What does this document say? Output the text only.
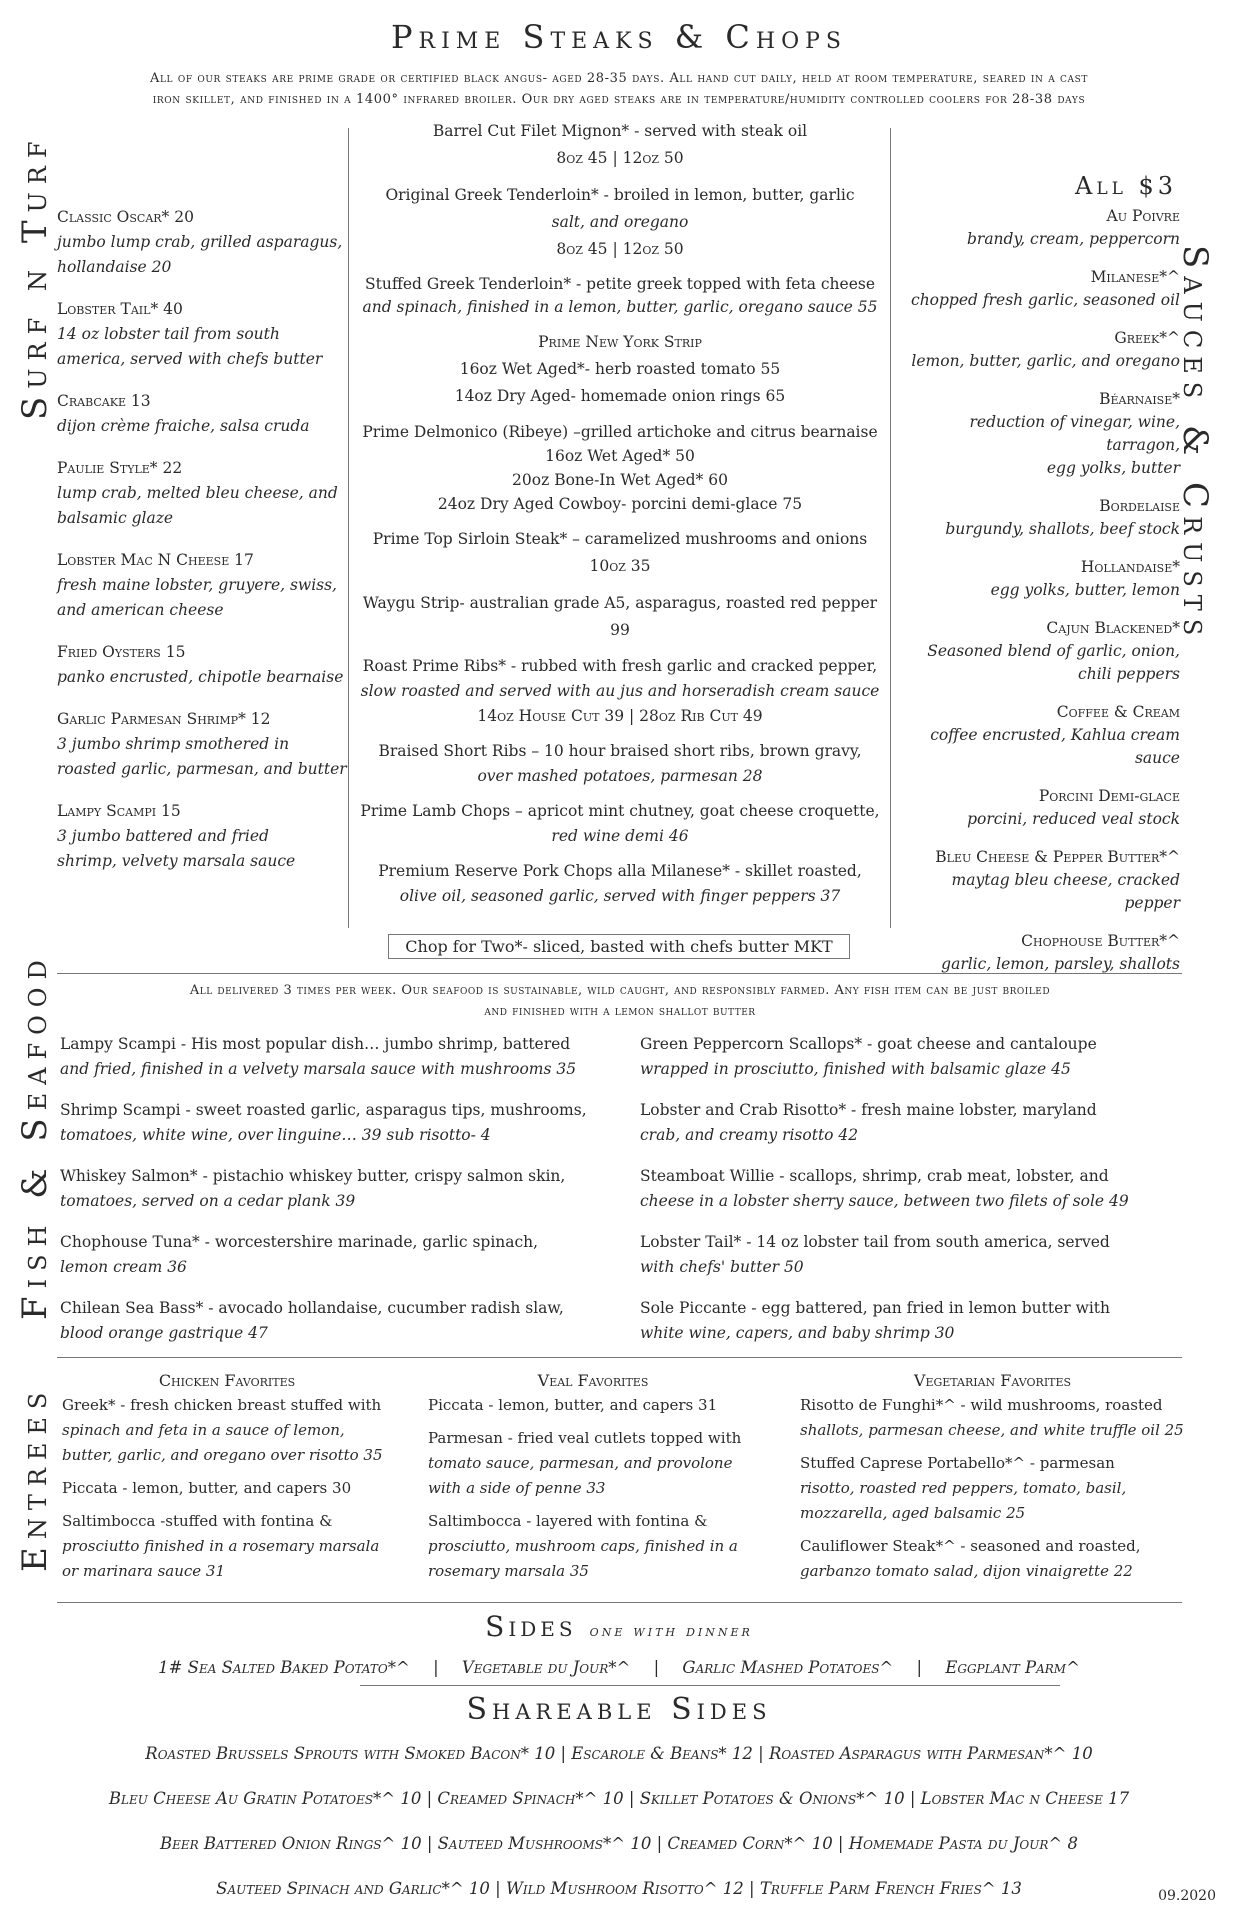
Prime Steaks & Chops
All of our steaks are prime grade or certified black angus- aged 28-35 days. All hand cut daily, held at room temperature, seared in a cast
iron skillet, and finished in a 1400° infrared broiler. Our dry aged steaks are in temperature/humidity controlled coolers for 28-38 days
Surf n Turf Classic Oscar* 20
jumbo lump crab, grilled asparagus,
hollandaise 20
Lobster Tail* 40
14 oz lobster tail from south
america, served with chefs butter
Crabcake 13
dijon crème fraiche, salsa cruda
Paulie Style* 22
lump crab, melted bleu cheese, and
balsamic glaze
Lobster Mac N Cheese 17
fresh maine lobster, gruyere, swiss,
and american cheese
Fried Oysters 15
panko encrusted, chipotle bearnaise
Garlic Parmesan Shrimp* 12
3 jumbo shrimp smothered in
roasted garlic, parmesan, and butter
Lampy Scampi 15
3 jumbo battered and fried
shrimp, velvety marsala sauce
Barrel Cut Filet Mignon* - served with steak oil
8oz 45 | 12oz 50
Original Greek Tenderloin* - broiled in lemon, butter, garlic
salt, and oregano
8oz 45 | 12oz 50
Stuffed Greek Tenderloin* - petite greek topped with feta cheese
and spinach, finished in a lemon, butter, garlic, oregano sauce 55
Prime New York Strip
16oz Wet Aged*- herb roasted tomato 55
14oz Dry Aged- homemade onion rings 65
Prime Delmonico (Ribeye) –grilled artichoke and citrus bearnaise
16oz Wet Aged* 50
20oz Bone-In Wet Aged* 60
24oz Dry Aged Cowboy- porcini demi-glace 75
Prime Top Sirloin Steak* – caramelized mushrooms and onions
10oz 35
Waygu Strip- australian grade A5, asparagus, roasted red pepper 99
Roast Prime Ribs* - rubbed with fresh garlic and cracked pepper,
slow roasted and served with au jus and horseradish cream sauce
14oz House Cut 39 | 28oz Rib Cut 49
Braised Short Ribs – 10 hour braised short ribs, brown gravy,
over mashed potatoes, parmesan 28
Prime Lamb Chops – apricot mint chutney, goat cheese croquette,
red wine demi 46
Premium Reserve Pork Chops alla Milanese* - skillet roasted,
olive oil, seasoned garlic, served with finger peppers 37
Chop for Two*- sliced, basted with chefs butter MKT
All $3
Sauces & Crusts
Au Poivre
brandy, cream, peppercorn
Milanese*^
chopped fresh garlic, seasoned oil
Greek*^
lemon, butter, garlic, and oregano
Béarnaise*
reduction of vinegar, wine, tarragon,
egg yolks, butter
Bordelaise
burgundy, shallots, beef stock
Hollandaise*
egg yolks, butter, lemon
Cajun Blackened*
Seasoned blend of garlic, onion,
chili peppers
Coffee & Cream
coffee encrusted, Kahlua cream sauce
Porcini Demi-glace
porcini, reduced veal stock
Bleu Cheese & Pepper Butter*^
maytag bleu cheese, cracked pepper
Chophouse Butter*^
garlic, lemon, parsley, shallots
Fish & Seafood	All delivered 3 times per week. Our seafood is sustainable, wild caught, and responsibly farmed. Any fish item can be just broiled
and finished with a lemon shallot butter
Lampy Scampi - His most popular dish… jumbo shrimp, battered
and fried, finished in a velvety marsala sauce with mushrooms 35
Shrimp Scampi - sweet roasted garlic, asparagus tips, mushrooms,
tomatoes, white wine, over linguine… 39 sub risotto- 4
Whiskey Salmon* - pistachio whiskey butter, crispy salmon skin,
tomatoes, served on a cedar plank 39
Chophouse Tuna* - worcestershire marinade, garlic spinach,
lemon cream 36
Chilean Sea Bass* - avocado hollandaise, cucumber radish slaw,
blood orange gastrique 47
Green Peppercorn Scallops* - goat cheese and cantaloupe
wrapped in prosciutto, finished with balsamic glaze 45
Lobster and Crab Risotto* - fresh maine lobster, maryland
crab, and creamy risotto 42
Steamboat Willie - scallops, shrimp, crab meat, lobster, and
cheese in a lobster sherry sauce, between two filets of sole 49
Lobster Tail* - 14 oz lobster tail from south america, served
with chefs' butter 50
Sole Piccante - egg battered, pan fried in lemon butter with
white wine, capers, and baby shrimp 30
Entrees
Chicken Favorites
Greek* - fresh chicken breast stuffed with
spinach and feta in a sauce of lemon,
butter, garlic, and oregano over risotto 35
Piccata - lemon, butter, and capers 30
Saltimbocca -stuffed with fontina &
prosciutto finished in a rosemary marsala
or marinara sauce 31
Veal Favorites
Piccata - lemon, butter, and capers 31
Parmesan - fried veal cutlets topped with
tomato sauce, parmesan, and provolone
with a side of penne 33
Saltimbocca - layered with fontina &
prosciutto, mushroom caps, finished in a
rosemary marsala 35
Vegetarian Favorites
Risotto de Funghi*^ - wild mushrooms, roasted
shallots, parmesan cheese, and white truffle oil 25
Stuffed Caprese Portabello*^ - parmesan
risotto, roasted red peppers, tomato, basil,
mozzarella, aged balsamic 25
Cauliflower Steak*^ - seasoned and roasted,
garbanzo tomato salad, dijon vinaigrette 22
Sides one with dinner
1# Sea Salted Baked Potato*^ | Vegetable du Jour*^ | Garlic Mashed Potatoes^ | Eggplant Parm^
Shareable Sides
Roasted Brussels Sprouts with Smoked Bacon* 10 | Escarole & Beans* 12 | Roasted Asparagus with Parmesan*^ 10
Bleu Cheese Au Gratin Potatoes*^ 10 | Creamed Spinach*^ 10 | Skillet Potatoes & Onions*^ 10 | Lobster Mac n Cheese 17
Beer Battered Onion Rings^ 10 | Sauteed Mushrooms*^ 10 | Creamed Corn*^ 10 | Homemade Pasta du Jour^ 8
Sauteed Spinach and Garlic*^ 10 | Wild Mushroom Risotto^ 12 | Truffle Parm French Fries^ 13	09.2020
